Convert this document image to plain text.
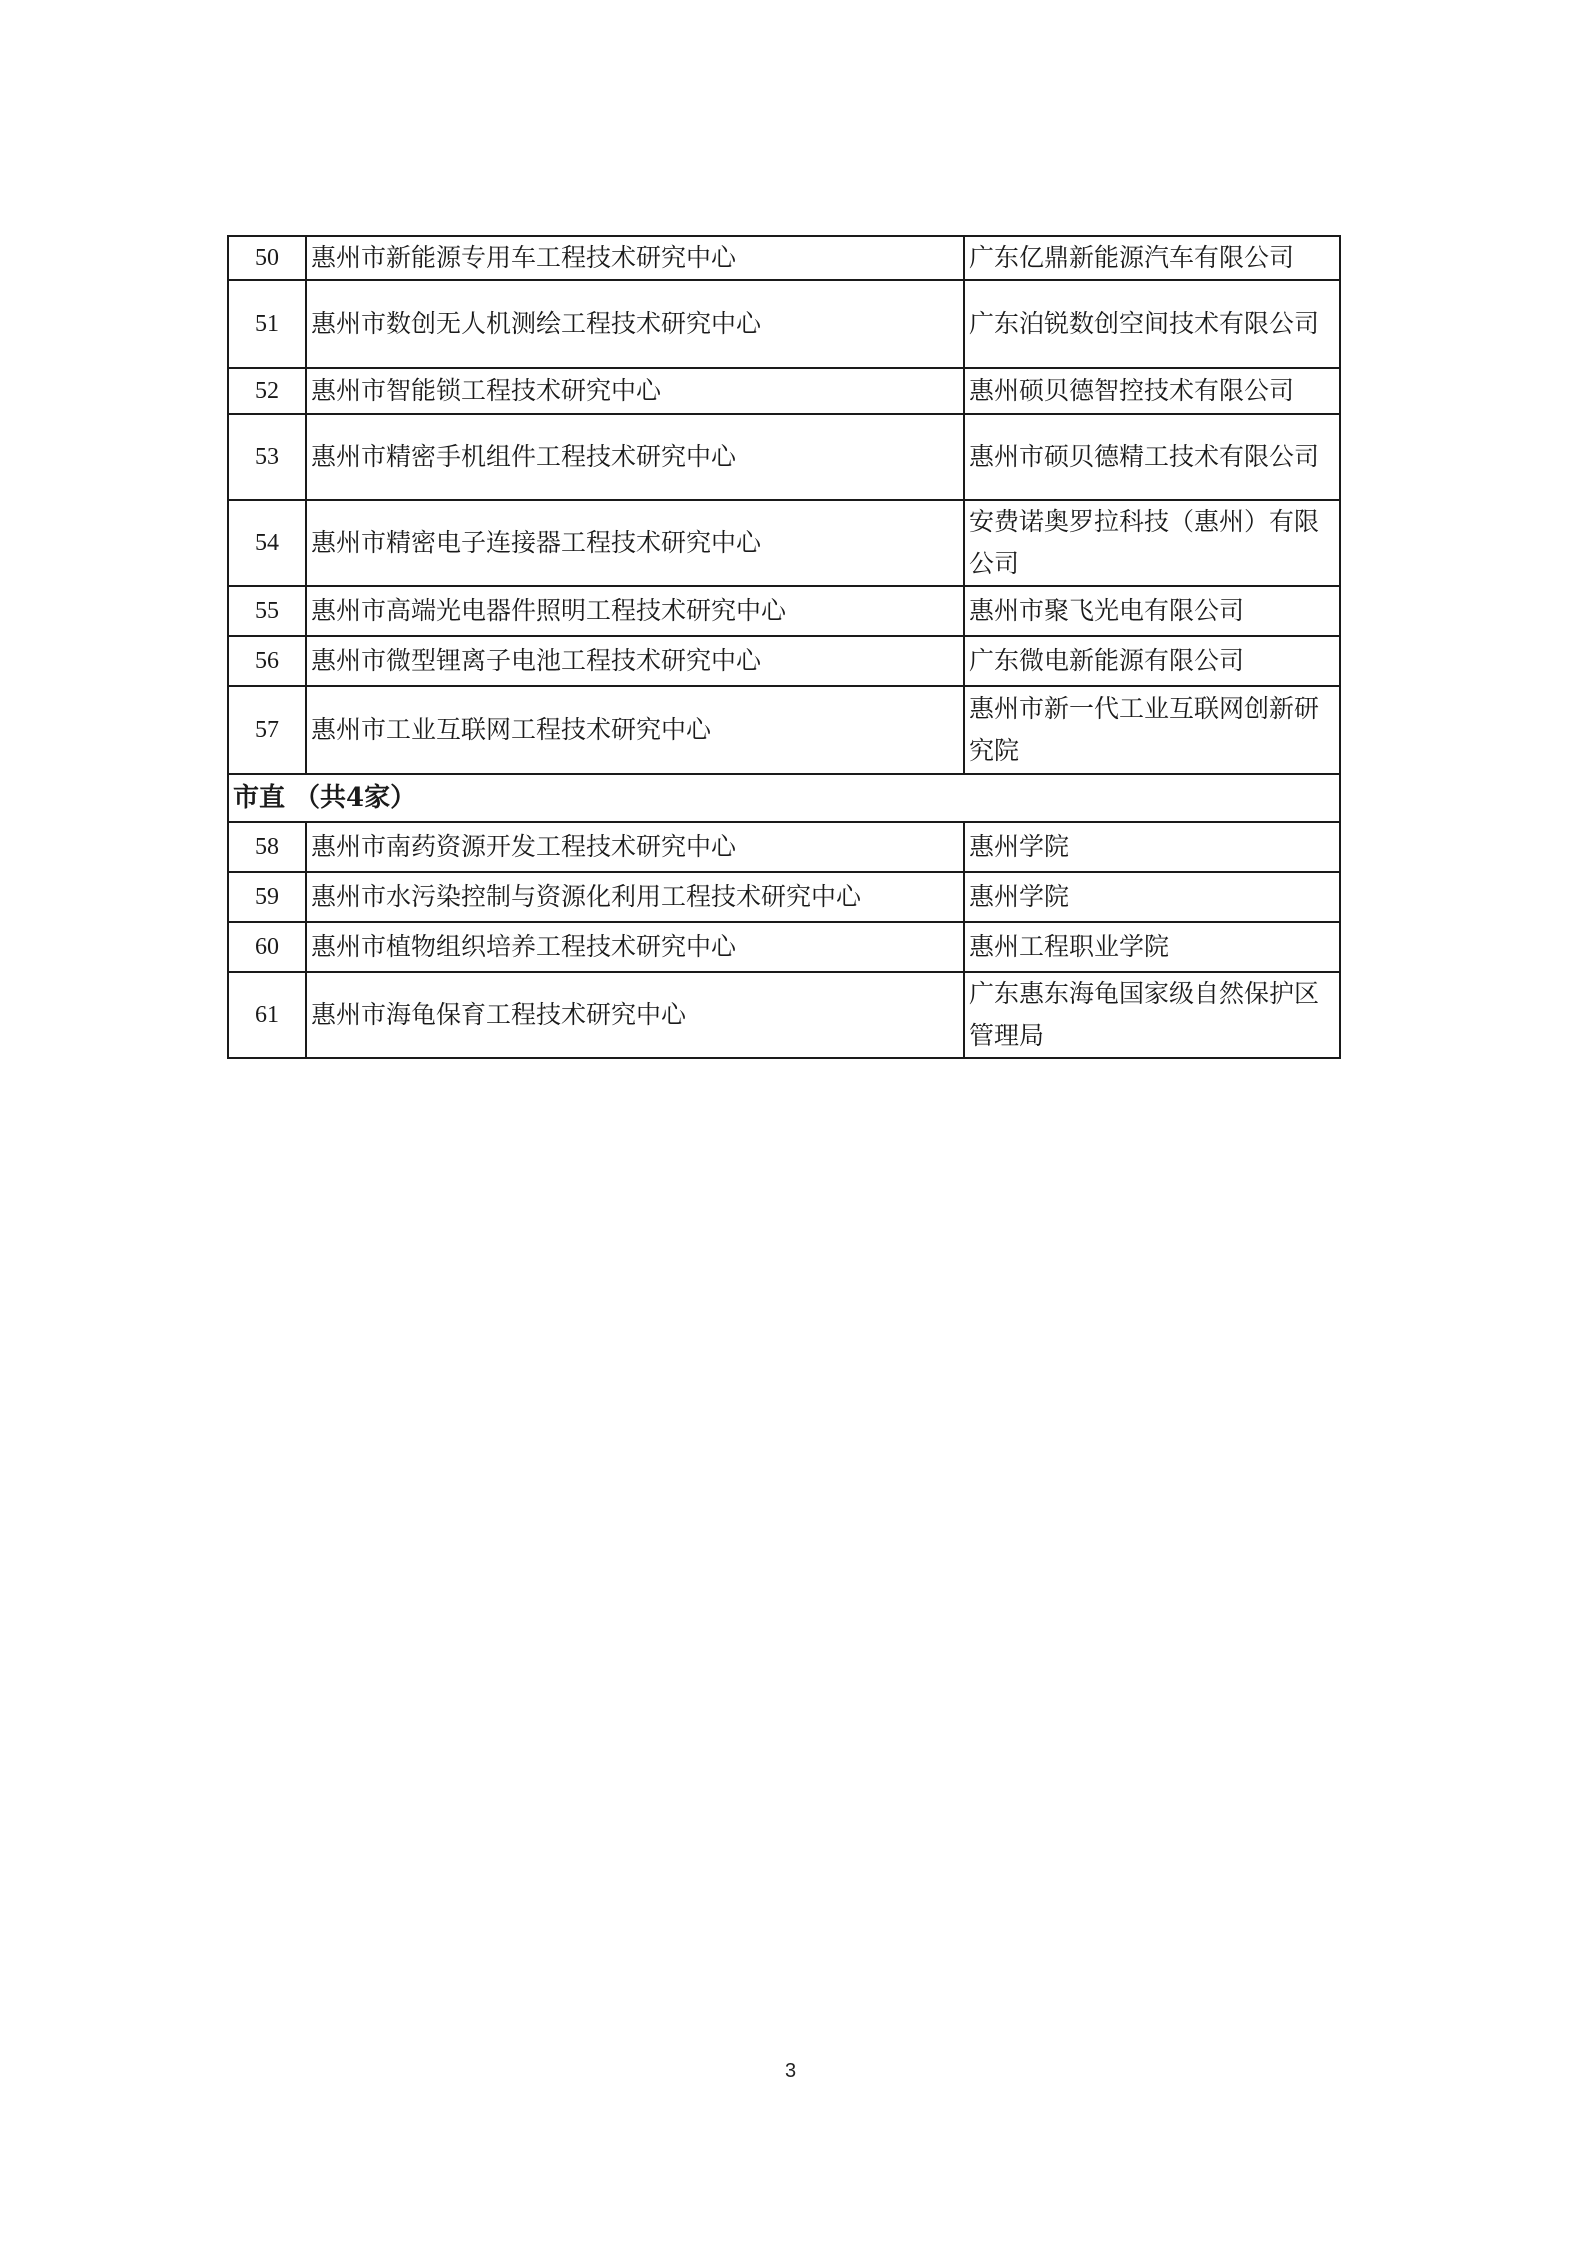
50	惠州市新能源专用车工程技术研究中心	广东亿鼎新能源汽车有限公司
51	惠州市数创无人机测绘工程技术研究中心	广东泊锐数创空间技术有限公司
52	惠州市智能锁工程技术研究中心	惠州硕贝德智控技术有限公司
53	惠州市精密手机组件工程技术研究中心	惠州市硕贝德精工技术有限公司
54	惠州市精密电子连接器工程技术研究中心	安费诺奥罗拉科技（惠州）有限公司
55	惠州市高端光电器件照明工程技术研究中心	惠州市聚飞光电有限公司
56	惠州市微型锂离子电池工程技术研究中心	广东微电新能源有限公司
57	惠州市工业互联网工程技术研究中心	惠州市新一代工业互联网创新研究院
市直 （共4家）		
58	惠州市南药资源开发工程技术研究中心	惠州学院
59	惠州市水污染控制与资源化利用工程技术研究中心	惠州学院
60	惠州市植物组织培养工程技术研究中心	惠州工程职业学院
61	惠州市海龟保育工程技术研究中心	广东惠东海龟国家级自然保护区管理局
3
